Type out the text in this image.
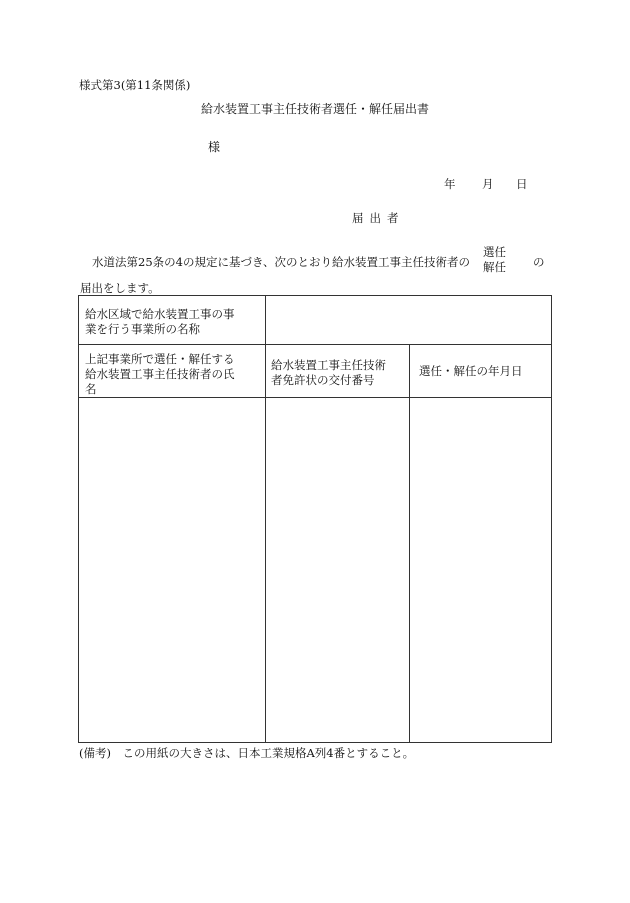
様式第3(第11条関係)
給水装置工事主任技術者選任・解任届出書
様
年	月	日
届出者
水道法第25条の4の規定に基づき、次のとおり給水装置工事主任技術者の
選任
解任 の
届出をします。
給水区域で給水装置工事の事
業を行う事業所の名称
上記事業所で選任・解任する
給水装置工事主任技術者の氏
名
給水装置工事主任技術
者免許状の交付番号
選任・解任の年月日
(備考)　この用紙の大きさは、日本工業規格A列4番とすること。
